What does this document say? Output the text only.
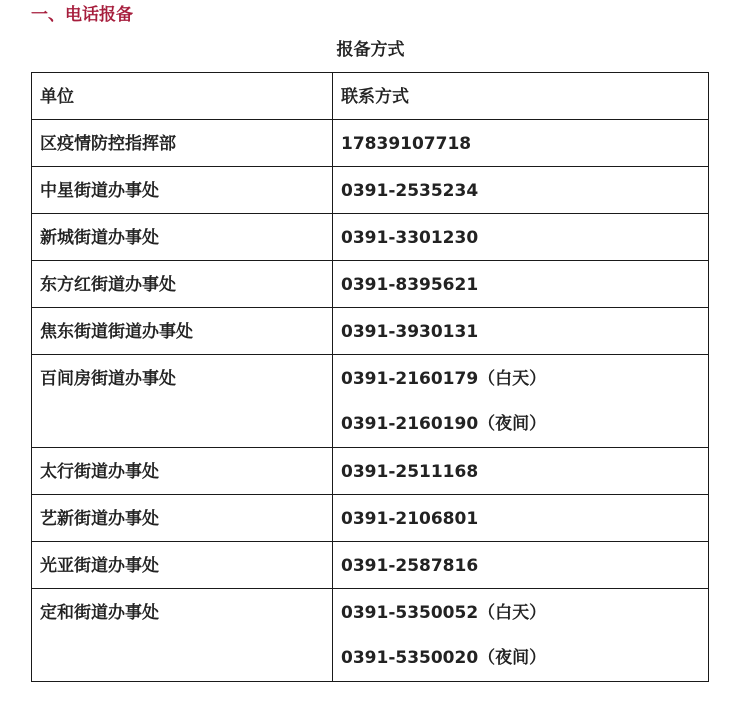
一、电话报备
报备方式
单位	联系方式
区疫情防控指挥部	17839107718

中星街道办事处	0391-2535234

新城街道办事处	0391-3301230

东方红街道办事处	0391-8395621

焦东街道街道办事处	0391-3930131

百间房街道办事处	0391-2160179（白天）
0391-2160190（夜间）

太行街道办事处	0391-2511168

艺新街道办事处	0391-2106801

光亚街道办事处	0391-2587816

定和街道办事处	0391-5350052（白天）
0391-5350020（夜间）
